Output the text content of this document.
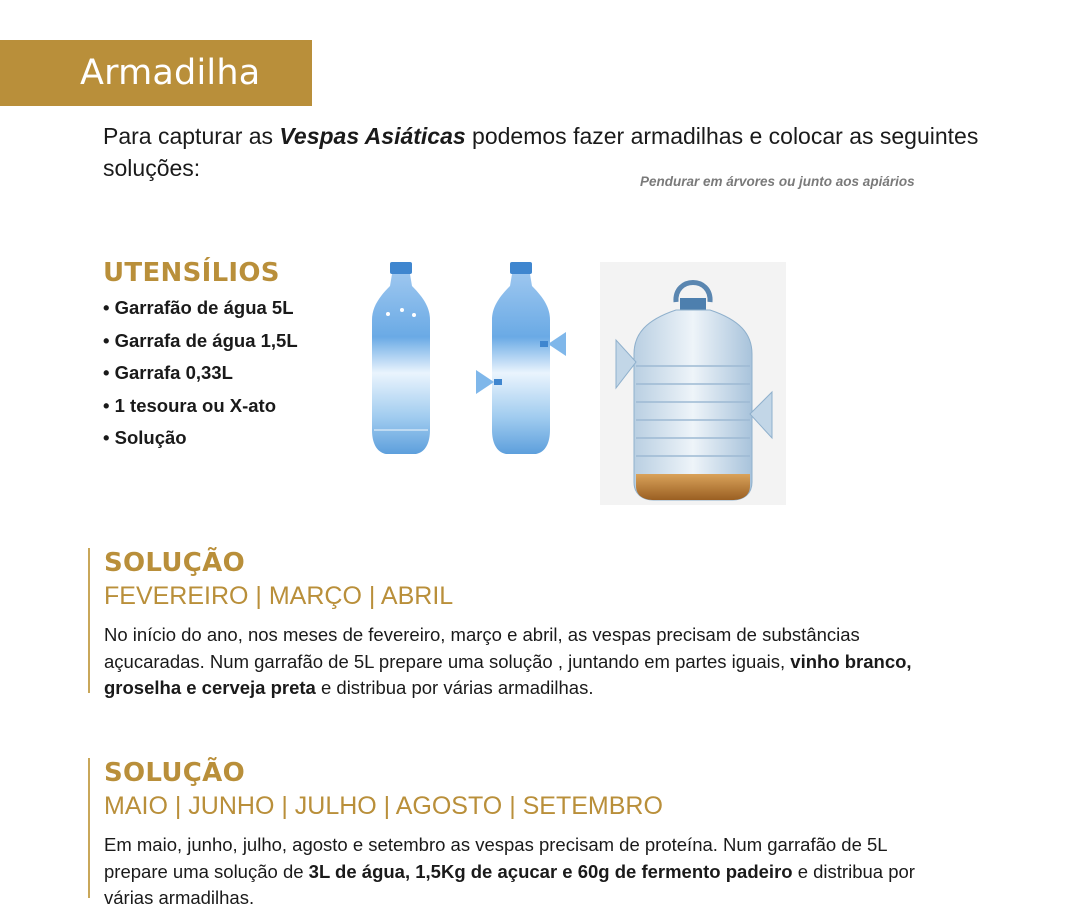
Armadilha
Para capturar as Vespas Asiáticas podemos fazer armadilhas e colocar as seguintes soluções:
Pendurar em árvores ou junto aos apiários
UTENSÍLIOS
• Garrafão de água 5L
• Garrafa de água 1,5L
• Garrafa 0,33L
• 1 tesoura ou X-ato
• Solução
SOLUÇÃO
FEVEREIRO | MARÇO | ABRIL
No início do ano, nos meses de fevereiro, março e abril, as vespas precisam de substâncias açucaradas. Num garrafão de 5L prepare uma solução , juntando em partes iguais, vinho branco, groselha e cerveja preta e distribua por várias armadilhas.
SOLUÇÃO
MAIO | JUNHO | JULHO | AGOSTO | SETEMBRO
Em maio, junho, julho, agosto e setembro as vespas precisam de proteína. Num garrafão de 5L prepare uma solução de 3L de água, 1,5Kg de açucar e 60g de fermento padeiro e distribua por várias armadilhas.
